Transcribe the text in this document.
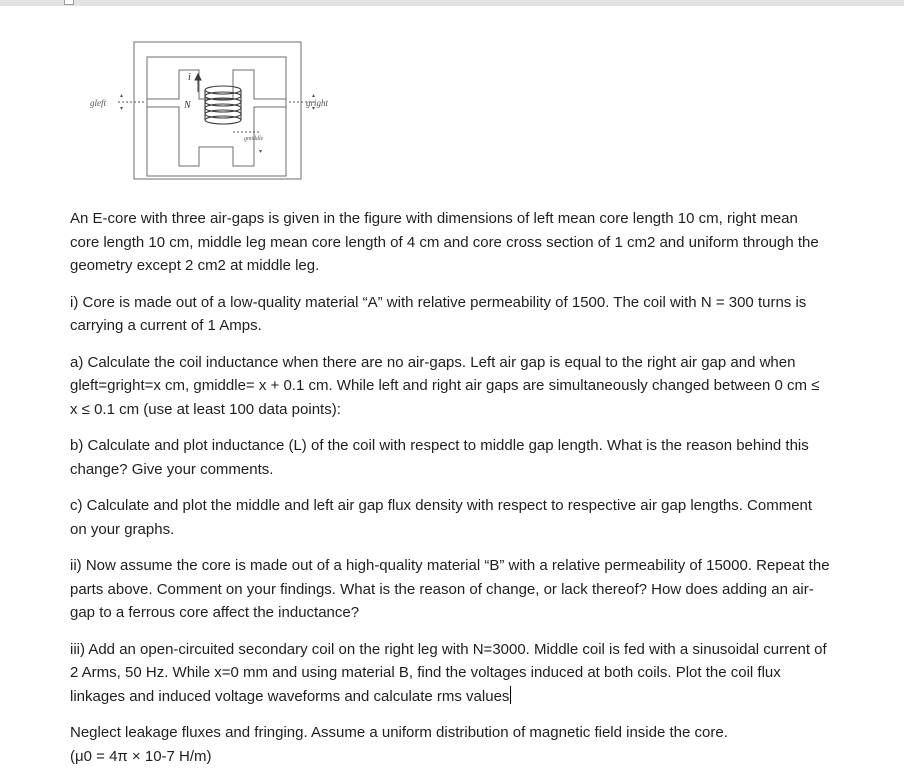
gleft	gright
gmiddle
N
i

An E-core with three air-gaps is given in the figure with dimensions of left mean core length 10 cm, right mean core length 10 cm, middle leg mean core length of 4 cm and core cross section of 1 cm2 and uniform through the geometry except 2 cm2 at middle leg.

i) Core is made out of a low-quality material “A” with relative permeability of 1500. The coil with N = 300 turns is carrying a current of 1 Amps.

a) Calculate the coil inductance when there are no air-gaps. Left air gap is equal to the right air gap and when gleft=gright=x cm, gmiddle= x + 0.1 cm. While left and right air gaps are simultaneously changed between 0 cm ≤ x ≤ 0.1 cm (use at least 100 data points):

b) Calculate and plot inductance (L) of the coil with respect to middle gap length. What is the reason behind this change? Give your comments.

c) Calculate and plot the middle and left air gap flux density with respect to respective air gap lengths. Comment on your graphs.

ii) Now assume the core is made out of a high-quality material “B” with a relative permeability of 15000. Repeat the parts above. Comment on your findings. What is the reason of change, or lack thereof? How does adding an air-gap to a ferrous core affect the inductance?

iii) Add an open-circuited secondary coil on the right leg with N=3000. Middle coil is fed with a sinusoidal current of 2 Arms, 50 Hz. While x=0 mm and using material B, find the voltages induced at both coils. Plot the coil flux linkages and induced voltage waveforms and calculate rms values

Neglect leakage fluxes and fringing. Assume a uniform distribution of magnetic field inside the core.
(μ0 = 4π × 10-7 H/m)
